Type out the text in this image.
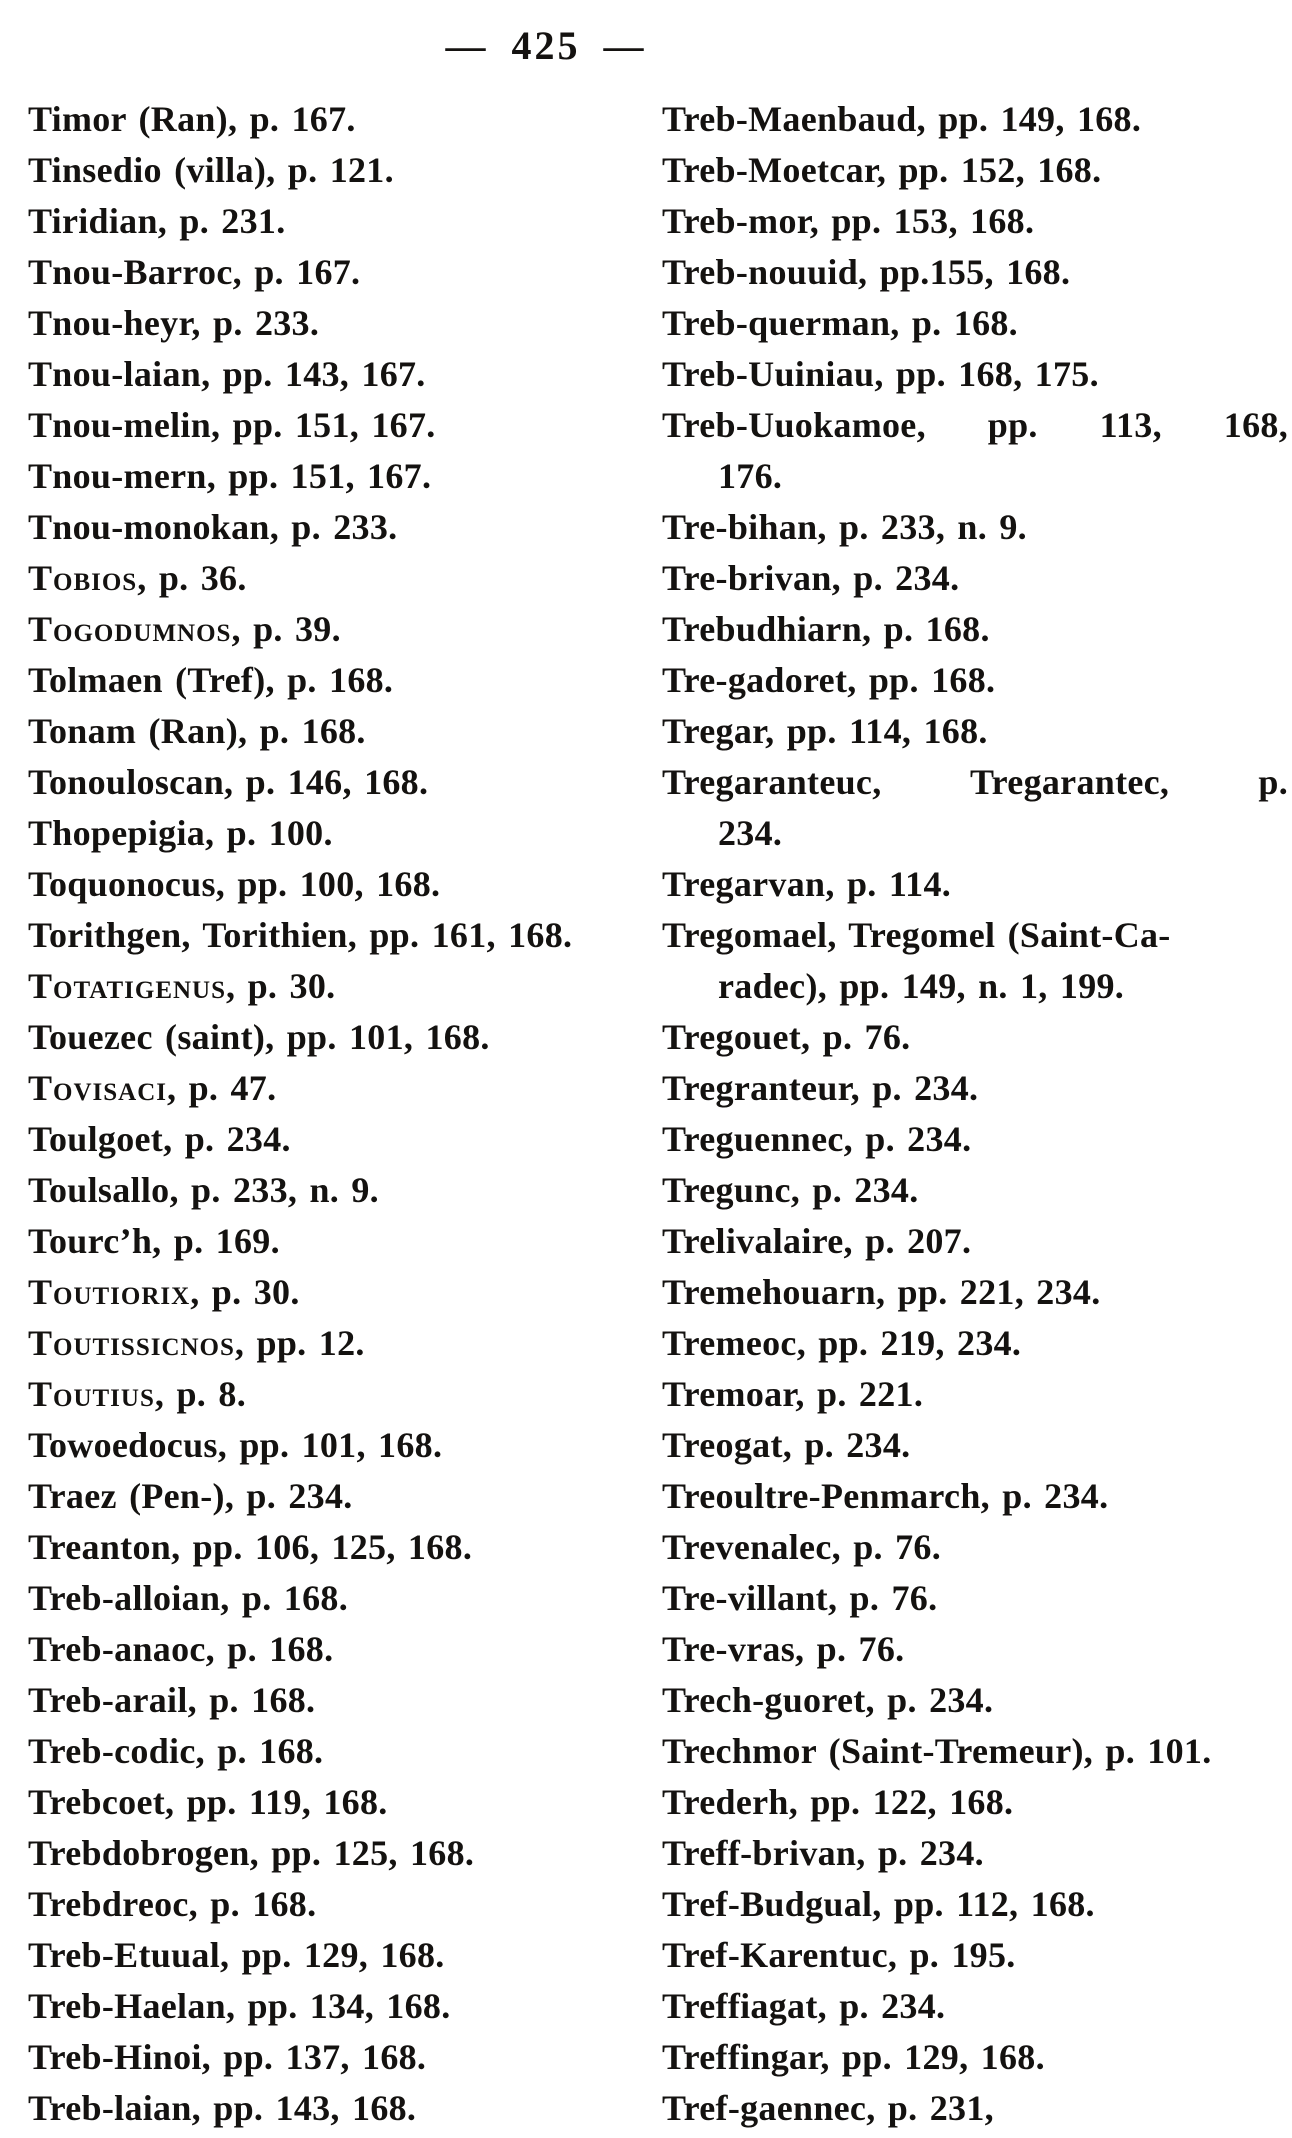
— 425 —
Timor (Ran), p. 167.
Tinsedio (villa), p. 121.
Tiridian, p. 231.
Tnou-Barroc, p. 167.
Tnou-heyr, p. 233.
Tnou-laian, pp. 143, 167.
Tnou-melin, pp. 151, 167.
Tnou-mern, pp. 151, 167.
Tnou-monokan, p. 233.
Tobios, p. 36.
Togodumnos, p. 39.
Tolmaen (Tref), p. 168.
Tonam (Ran), p. 168.
Tonouloscan, p. 146, 168.
Thopepigia, p. 100.
Toquonocus, pp. 100, 168.
Torithgen, Torithien, pp. 161, 168.
Totatigenus, p. 30.
Touezec (saint), pp. 101, 168.
Tovisaci, p. 47.
Toulgoet, p. 234.
Toulsallo, p. 233, n. 9.
Tourc’h, p. 169.
Toutiorix, p. 30.
Toutissicnos, pp. 12.
Toutius, p. 8.
Towoedocus, pp. 101, 168.
Traez (Pen-), p. 234.
Treanton, pp. 106, 125, 168.
Treb-alloian, p. 168.
Treb-anaoc, p. 168.
Treb-arail, p. 168.
Treb-codic, p. 168.
Trebcoet, pp. 119, 168.
Trebdobrogen, pp. 125, 168.
Trebdreoc, p. 168.
Treb-Etuual, pp. 129, 168.
Treb-Haelan, pp. 134, 168.
Treb-Hinoi, pp. 137, 168.
Treb-laian, pp. 143, 168.
Treb-Maenbaud, pp. 149, 168.
Treb-Moetcar, pp. 152, 168.
Treb-mor, pp. 153, 168.
Treb-nouuid, pp.155, 168.
Treb-querman, p. 168.
Treb-Uuiniau, pp. 168, 175.
Treb-Uuokamoe, pp. 113, 168,
176.
Tre-bihan, p. 233, n. 9.
Tre-brivan, p. 234.
Trebudhiarn, p. 168.
Tre-gadoret, pp. 168.
Tregar, pp. 114, 168.
Tregaranteuc, Tregarantec, p.
234.
Tregarvan, p. 114.
Tregomael, Tregomel (Saint-Ca-
radec), pp. 149, n. 1, 199.
Tregouet, p. 76.
Tregranteur, p. 234.
Treguennec, p. 234.
Tregunc, p. 234.
Trelivalaire, p. 207.
Tremehouarn, pp. 221, 234.
Tremeoc, pp. 219, 234.
Tremoar, p. 221.
Treogat, p. 234.
Treoultre-Penmarch, p. 234.
Trevenalec, p. 76.
Tre-villant, p. 76.
Tre-vras, p. 76.
Trech-guoret, p. 234.
Trechmor (Saint-Tremeur), p. 101.
Trederh, pp. 122, 168.
Treff-brivan, p. 234.
Tref-Budgual, pp. 112, 168.
Tref-Karentuc, p. 195.
Treffiagat, p. 234.
Treffingar, pp. 129, 168.
Tref-gaennec, p. 231,
